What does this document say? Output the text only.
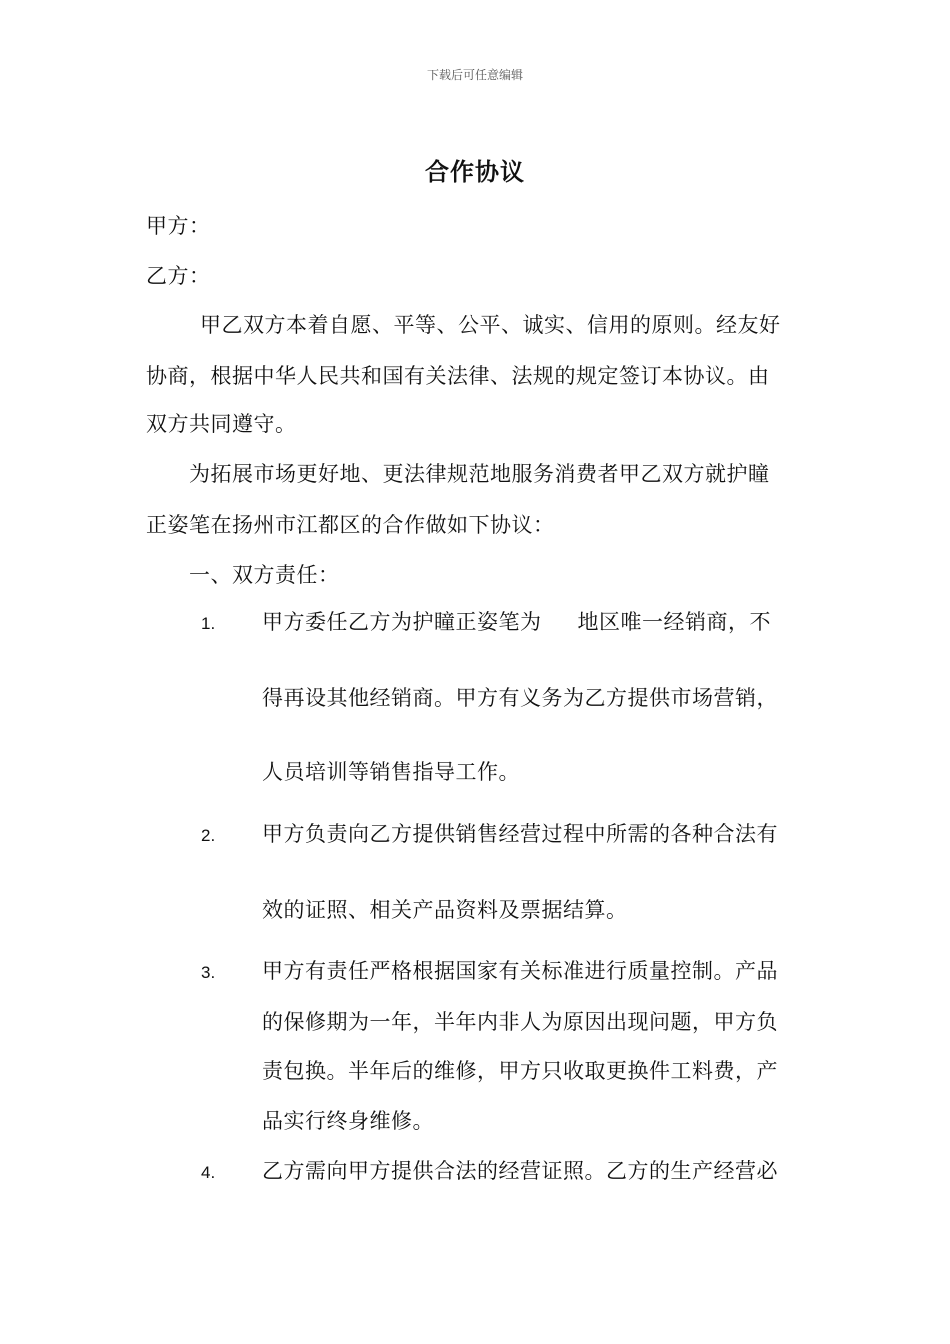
下载后可任意编辑
合作协议
甲方：
乙方：
甲乙双方本着自愿、平等、公平、诚实、信用的原则。经友好
协商，根据中华人民共和国有关法律、法规的规定签订本协议。由
双方共同遵守。
为拓展市场更好地、更法律规范地服务消费者甲乙双方就护瞳
正姿笔在扬州市江都区的合作做如下协议：
一、双方责任：
1. 甲方委任乙方为护瞳正姿笔为 地区唯一经销商，不
得再设其他经销商。甲方有义务为乙方提供市场营销，
人员培训等销售指导工作。
2. 甲方负责向乙方提供销售经营过程中所需的各种合法有
效的证照、相关产品资料及票据结算。
3. 甲方有责任严格根据国家有关标准进行质量控制。产品
的保修期为一年，半年内非人为原因出现问题，甲方负
责包换。半年后的维修，甲方只收取更换件工料费，产
品实行终身维修。
4. 乙方需向甲方提供合法的经营证照。乙方的生产经营必
